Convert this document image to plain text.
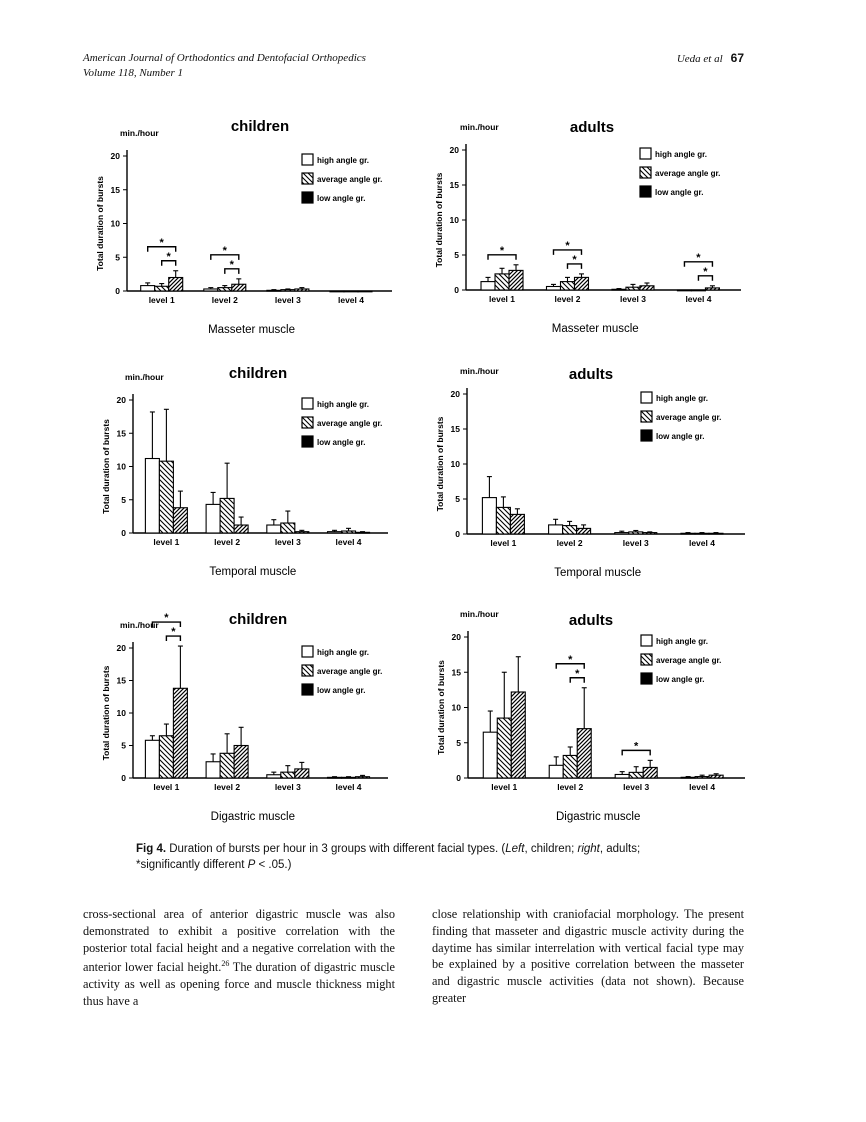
American Journal of Orthodontics and Dentofacial Orthopedics
Volume 118, Number 1
Ueda et al 67
children
min./hour
Total duration of bursts
0
5
10
15
20
level 1	level 2	level 3	level 4
Masseter muscle
*
*	*
*
high angle gr.
average angle gr.
low angle gr.
adults
min./hour
Total duration of bursts
0
5
10
15
20
level 1	level 2	level 3	level 4
Masseter muscle
*	*
*	*
*
high angle gr.
average angle gr.
low angle gr.
children
min./hour
Total duration of bursts
0
5
10
15
20
level 1	level 2	level 3	level 4
Temporal muscle
high angle gr.
average angle gr.
low angle gr.
adults
min./hour
Total duration of bursts
0
5
10
15
20
level 1	level 2	level 3	level 4
Temporal muscle
high angle gr.
average angle gr.
low angle gr.
children
min./hour
Total duration of bursts
0
5
10
15
20
level 1	level 2	level 3	level 4
Digastric muscle
*
*
high angle gr.
average angle gr.
low angle gr.
adults
min./hour
Total duration of bursts
0
5
10
15
20
level 1	level 2	level 3	level 4
Digastric muscle
*
*
*
high angle gr.
average angle gr.
low angle gr.
Fig 4. Duration of bursts per hour in 3 groups with different facial types. (Left, children; right, adults;
*significantly different P < .05.)
cross-sectional area of anterior digastric muscle was also demonstrated to exhibit a positive correlation with the posterior total facial height and a negative correlation with the anterior lower facial height.$^{26}$ The duration of digastric muscle activity as well as opening force and muscle thickness might thus have a
close relationship with craniofacial morphology. The present finding that masseter and digastric muscle activity during the daytime has similar interrelation with vertical facial type may be explained by a positive correlation between the masseter and digastric muscle activities (data not shown). Because greater
